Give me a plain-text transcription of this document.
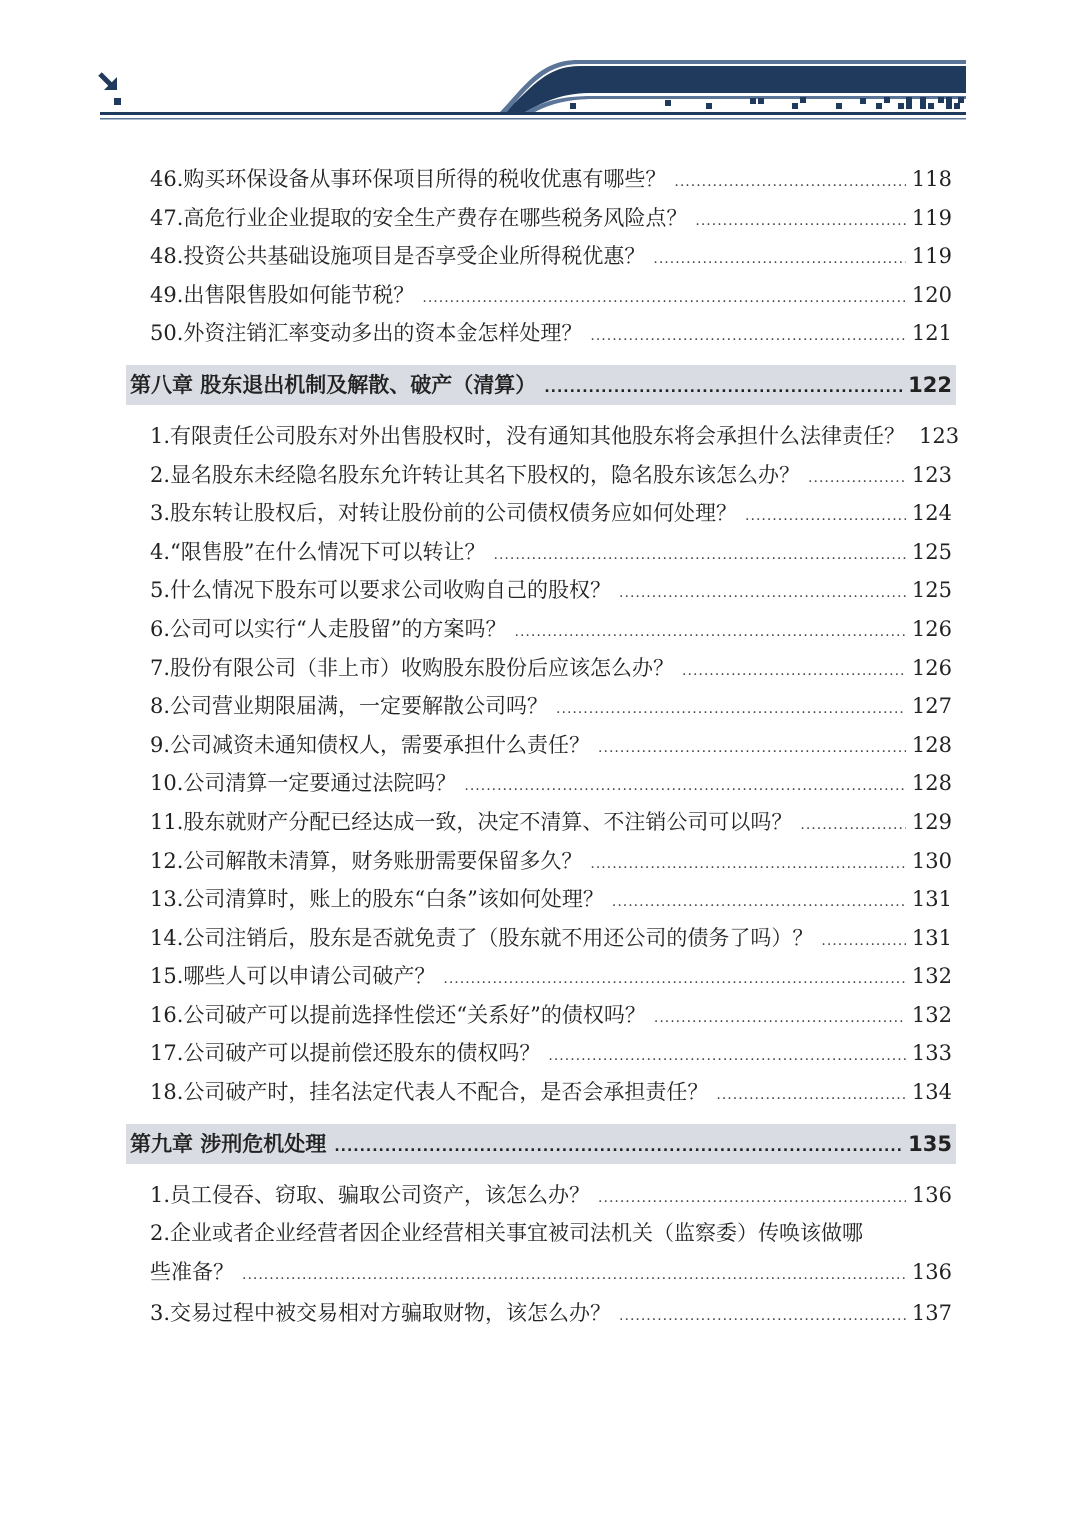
46.购买环保设备从事环保项目所得的税收优惠有哪些？ .....	118
47.高危行业企业提取的安全生产费存在哪些税务风险点？ .....	119
48.投资公共基础设施项目是否享受企业所得税优惠？ .....	119
49.出售限售股如何能节税？ .....	120
50.外资注销汇率变动多出的资本金怎样处理？ .....	121
第八章 股东退出机制及解散、破产（清算） .....	122
1.有限责任公司股东对外出售股权时，没有通知其他股东将会承担什么法律责任？ 123
2.显名股东未经隐名股东允许转让其名下股权的，隐名股东该怎么办？ .....	123
3.股东转让股权后，对转让股份前的公司债权债务应如何处理？ .....	124
4.“限售股”在什么情况下可以转让？ .....	125
5.什么情况下股东可以要求公司收购自己的股权？ .....	125
6.公司可以实行“人走股留”的方案吗？ .....	126
7.股份有限公司（非上市）收购股东股份后应该怎么办？ .....	126
8.公司营业期限届满，一定要解散公司吗？ .....	127
9.公司减资未通知债权人，需要承担什么责任？ .....	128
10.公司清算一定要通过法院吗？ .....	128
11.股东就财产分配已经达成一致，决定不清算、不注销公司可以吗？ .....	129
12.公司解散未清算，财务账册需要保留多久？ .....	130
13.公司清算时，账上的股东“白条”该如何处理？ .....	131
14.公司注销后，股东是否就免责了（股东就不用还公司的债务了吗）？ .....	131
15.哪些人可以申请公司破产？ .....	132
16.公司破产可以提前选择性偿还“关系好”的债权吗？ .....	132
17.公司破产可以提前偿还股东的债权吗？ .....	133
18.公司破产时，挂名法定代表人不配合，是否会承担责任？ .....	134
第九章 涉刑危机处理 .....	135
1.员工侵吞、窃取、骗取公司资产，该怎么办？ .....	136
2.企业或者企业经营者因企业经营相关事宜被司法机关（监察委）传唤该做哪
些准备？ .....	136
3.交易过程中被交易相对方骗取财物，该怎么办？ .....	137
